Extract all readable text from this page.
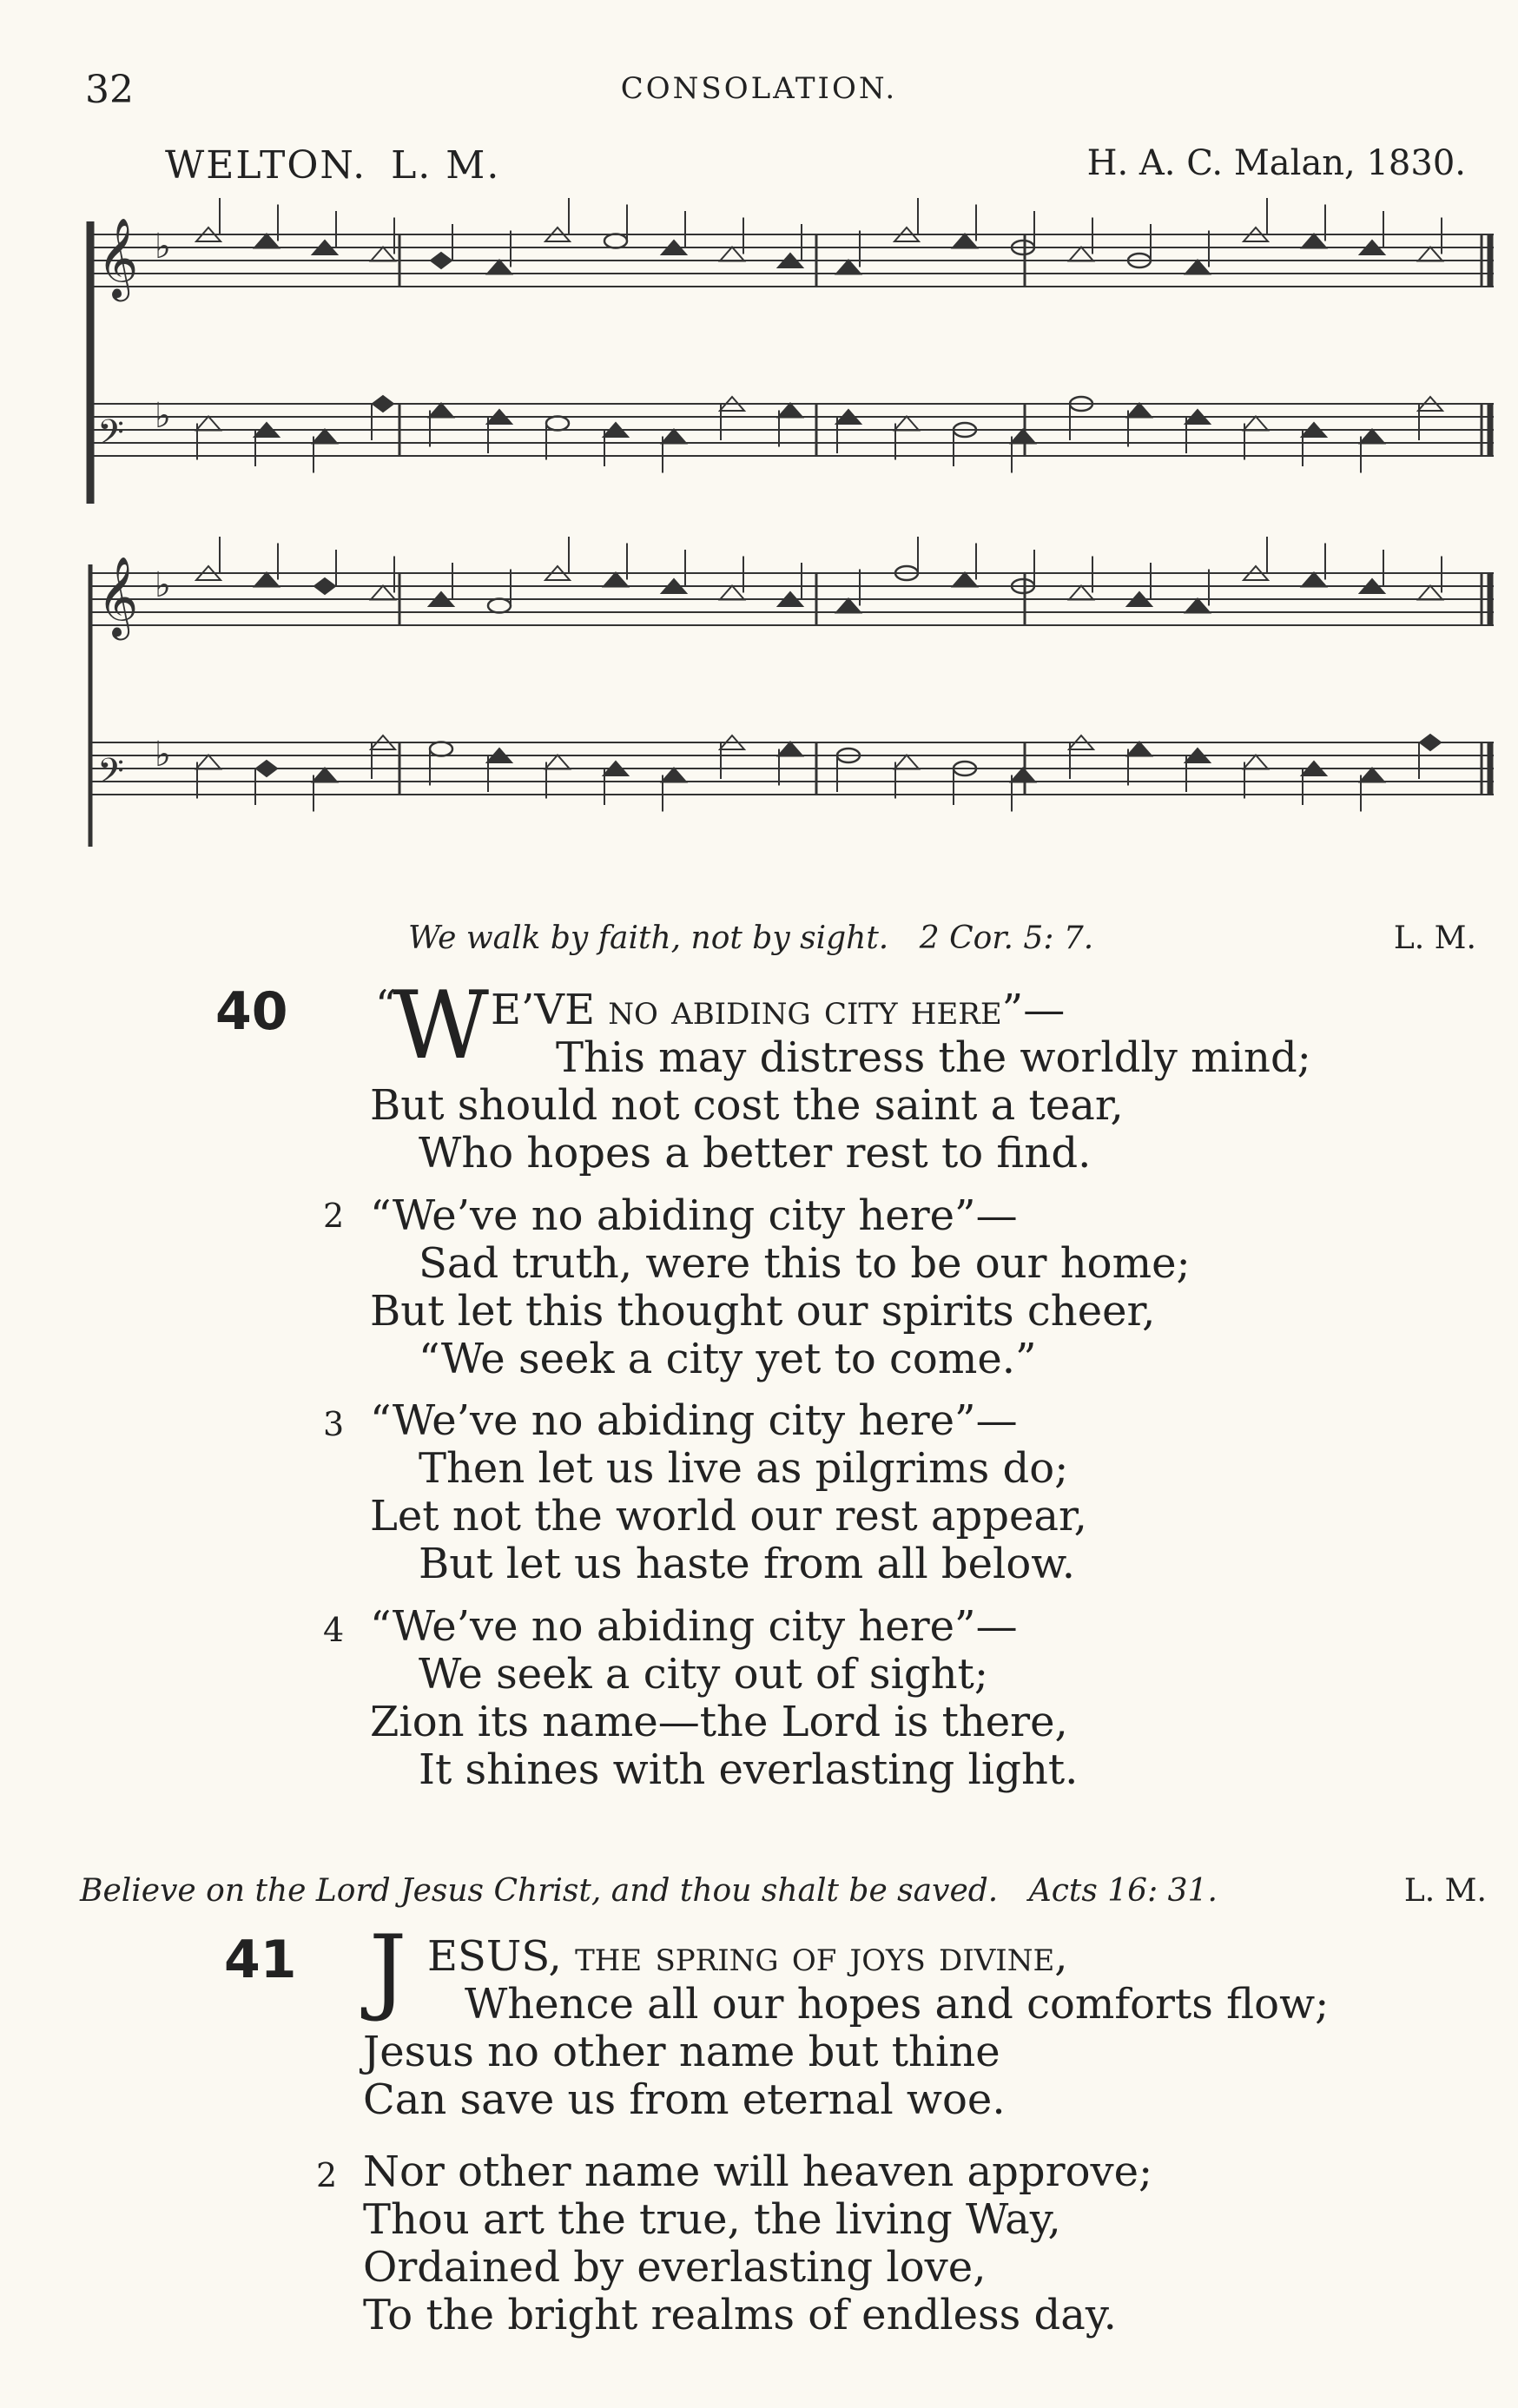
32	CONSOLATION.
WELTON. L. M.	H. A. C. Malan, 1830.
𝄞 ♭
𝄢 ♭
𝄞 ♭
𝄢 ♭
We walk by faith, not by sight. 2 Cor. 5: 7.	L. M.
40 “
W E’VE no abiding city here”—
This may distress the worldly mind;
But should not cost the saint a tear,
Who hopes a better rest to find.
2 “We’ve no abiding city here”—
Sad truth, were this to be our home;
But let this thought our spirits cheer,
“We seek a city yet to come.”
3 “We’ve no abiding city here”—
Then let us live as pilgrims do;
Let not the world our rest appear,
But let us haste from all below.
4 “We’ve no abiding city here”—
We seek a city out of sight;
Zion its name—the Lord is there,
It shines with everlasting light.
Believe on the Lord Jesus Christ, and thou shalt be saved. Acts 16: 31.	L. M.
41 J ESUS, the spring of joys divine,
Whence all our hopes and comforts flow;
Jesus no other name but thine
Can save us from eternal woe.
2 Nor other name will heaven approve;
Thou art the true, the living Way,
Ordained by everlasting love,
To the bright realms of endless day.
